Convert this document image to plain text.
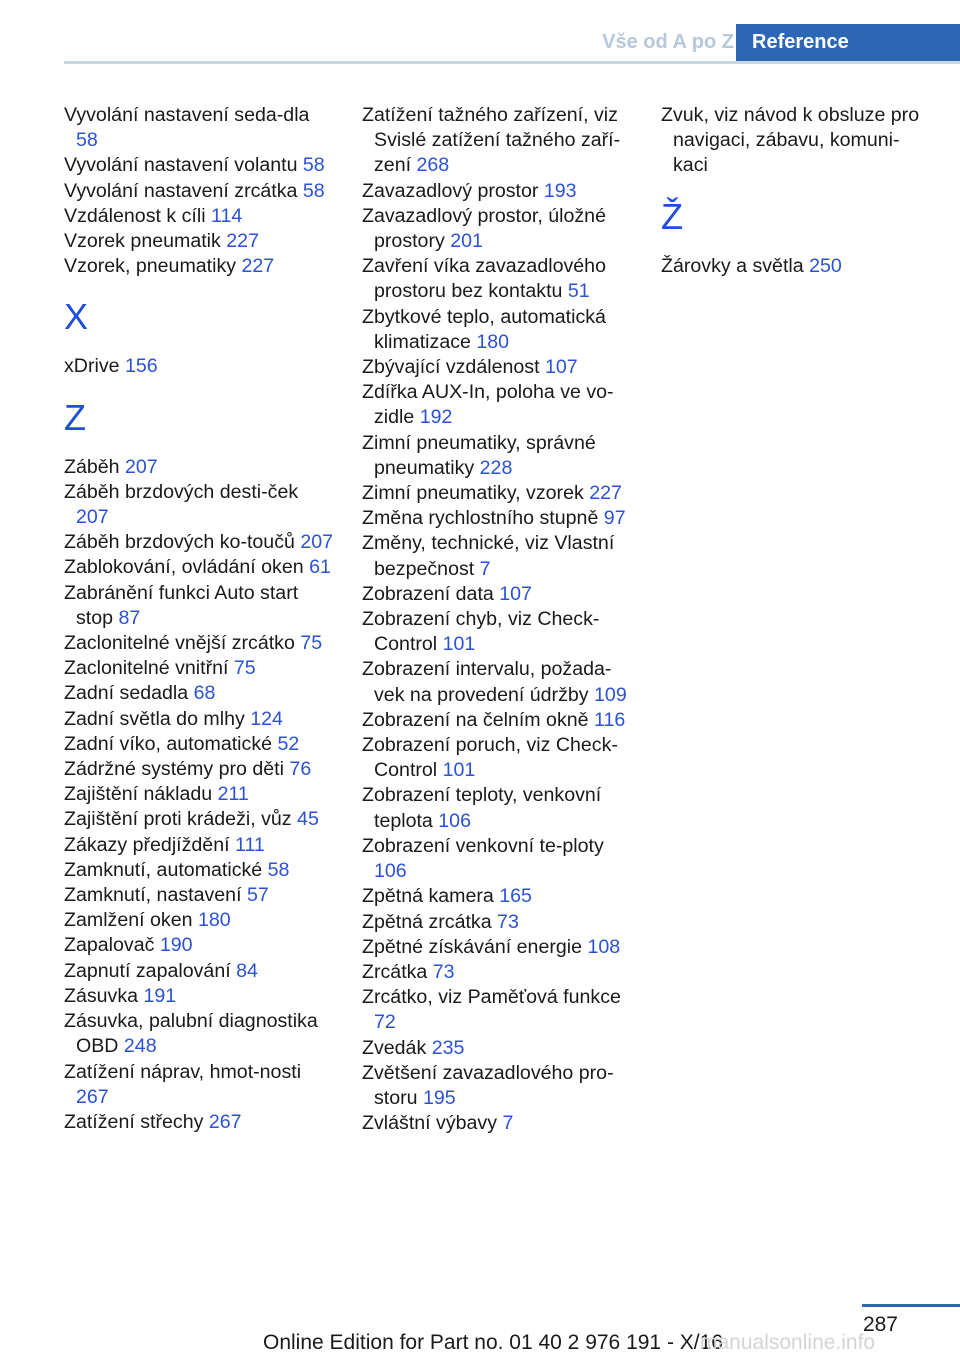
Vše od A po Z Reference

Vyvolání nastavení seda-dla 58

Vyvolání nastavení volantu 58

Vyvolání nastavení zrcátka 58

Vzdálenost k cíli 114

Vzorek pneumatik 227

Vzorek, pneumatiky 227

X

xDrive 156

Z

Záběh 207

Záběh brzdových desti-ček 207

Záběh brzdových ko-toučů 207

Zablokování, ovládání oken 61

Zabránění funkci Auto start stop 87

Zaclonitelné vnější zrcátko 75

Zaclonitelné vnitřní 75

Zadní sedadla 68

Zadní světla do mlhy 124

Zadní víko, automatické 52

Zádržné systémy pro děti 76

Zajištění nákladu 211

Zajištění proti krádeži, vůz 45

Zákazy předjíždění 111

Zamknutí, automatické 58

Zamknutí, nastavení 57

Zamlžení oken 180

Zapalovač 190

Zapnutí zapalování 84

Zásuvka 191

Zásuvka, palubní diagnostika OBD 248

Zatížení náprav, hmot-nosti 267

Zatížení střechy 267

Zatížení tažného zařízení, viz Svislé zatížení tažného zaří-zení 268

Zavazadlový prostor 193

Zavazadlový prostor, úložné prostory 201

Zavření víka zavazadlového prostoru bez kontaktu 51

Zbytkové teplo, automatická klimatizace 180

Zbývající vzdálenost 107

Zdířka AUX-In, poloha ve vo-zidle 192

Zimní pneumatiky, správné pneumatiky 228

Zimní pneumatiky, vzorek 227

Změna rychlostního stupně 97

Změny, technické, viz Vlastní bezpečnost 7

Zobrazení data 107

Zobrazení chyb, viz Check-Control 101

Zobrazení intervalu, požada-vek na provedení údržby 109

Zobrazení na čelním okně 116

Zobrazení poruch, viz Check-Control 101

Zobrazení teploty, venkovní teplota 106

Zobrazení venkovní te-ploty 106

Zpětná kamera 165

Zpětná zrcátka 73

Zpětné získávání energie 108

Zrcátka 73

Zrcátko, viz Paměťová funkce 72

Zvedák 235

Zvětšení zavazadlového pro-storu 195

Zvláštní výbavy 7

Zvuk, viz návod k obsluze pro navigaci, zábavu, komuni-kaci

Ž

Žárovky a světla 250

287
Online Edition for Part no. 01 40 2 976 191 - X/16
manualsonline.info
